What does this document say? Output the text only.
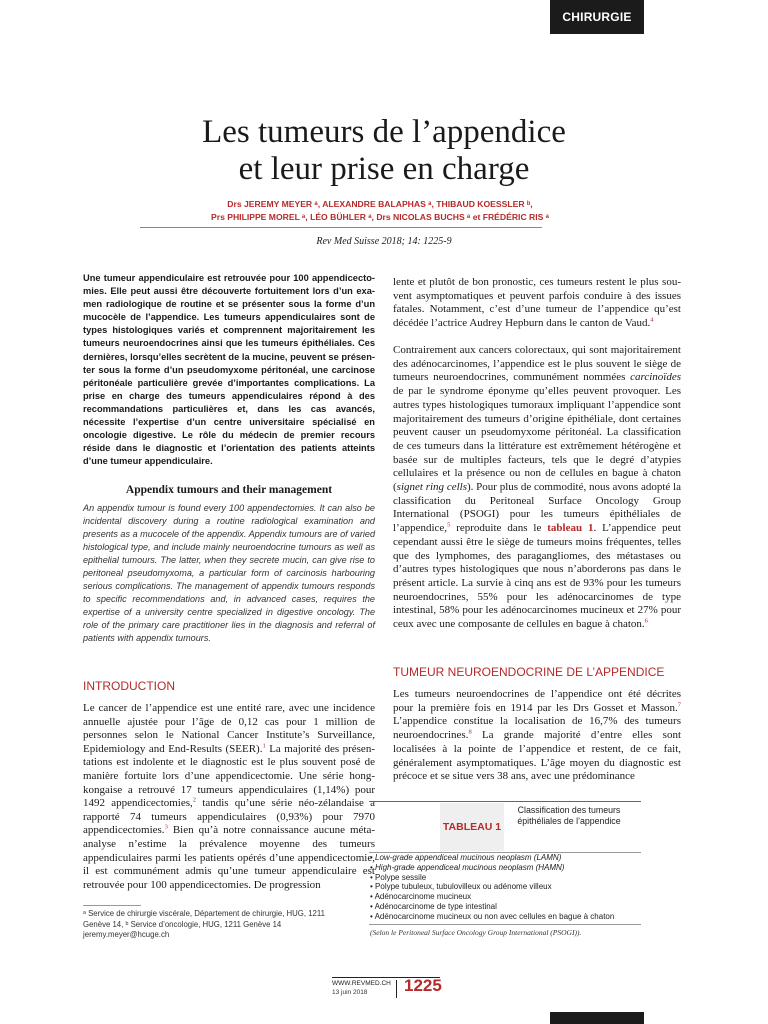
CHIRURGIE
Les tumeurs de l’appendice
et leur prise en charge
Drs JEREMY MEYER ᵃ, ALEXANDRE BALAPHAS ᵃ, THIBAUD KOESSLER ᵇ,
Prs PHILIPPE MOREL ᵃ, LÉO BÜHLER ᵃ, Drs NICOLAS BUCHS ᵃ et FRÉDÉRIC RIS ᵃ
Rev Med Suisse 2018; 14: 1225-9
Une tumeur appendiculaire est retrouvée pour 100 appendicectomies. Elle peut aussi être découverte fortuitement lors d’un examen radiologique de routine et se présenter sous la forme d’un mucocèle de l’appendice. Les tumeurs appendiculaires sont de types histologiques variés et comprennent majoritairement les tumeurs neuroendocrines ainsi que les tumeurs épithéliales. Ces dernières, lorsqu’elles secrètent de la mucine, peuvent se présenter sous la forme d’un pseudomyxome péritonéal, une carcinose péritonéale particulière grevée d’importantes complications. La prise en charge des tumeurs appendiculaires répond à des recommandations particulières et, dans les cas avancés, nécessite l’expertise d’un centre universitaire spécialisé en oncologie digestive. Le rôle du médecin de premier recours réside dans le diagnostic et l’orientation des patients atteints d’une tumeur appendiculaire.
Appendix tumours and their management
An appendix tumour is found every 100 appendectomies. It can also be incidental discovery during a routine radiological examination and presents as a mucocele of the appendix. Appendix tumours are of varied histological type, and include mainly neuroendocrine tumours as well as epithelial tumours. The latter, when they secrete mucin, can give rise to peritoneal pseudomyxoma, a particular form of carcinosis harbouring serious complications. The management of appendix tumours responds to specific recommendations and, in advanced cases, requires the expertise of a university centre specialized in digestive oncology. The role of the primary care practitioner lies in the diagnosis and referral of patients with appendix tumours.
INTRODUCTION
Le cancer de l’appendice est une entité rare, avec une incidence annuelle ajustée pour l’âge de 0,12 cas pour 1 million de personnes selon le National Cancer Institute’s Surveillance, Epidemiology and End-Results (SEER).$^1$ La majorité des présentations est indolente et le diagnostic est le plus souvent posé de manière fortuite lors d’une appendicectomie. Une série hongkongaise a retrouvé 17 tumeurs appendiculaires (1,14%) pour 1492 appendicectomies,$^2$ tandis qu’une série néo-zélandaise a rapporté 74 tumeurs appendiculaires (0,93%) pour 7970 appendicectomies.$^3$ Bien qu’à notre connaissance aucune méta-analyse n’estime la prévalence moyenne des tumeurs appendiculaires parmi les patients opérés d’une appendicectomie, il est communément admis qu’une tumeur appendiculaire est retrouvée pour 100 appendicectomies. De progression
ᵃ Service de chirurgie viscérale, Département de chirurgie, HUG, 1211
Genève 14, ᵇ Service d’oncologie, HUG, 1211 Genève 14
jeremy.meyer@hcuge.ch
lente et plutôt de bon pronostic, ces tumeurs restent le plus souvent asymptomatiques et peuvent parfois conduire à des issues fatales. Notamment, c’est d’une tumeur de l’appendice qu’est décédée l’actrice Audrey Hepburn dans le canton de Vaud.$^4$
Contrairement aux cancers colorectaux, qui sont majoritairement des adénocarcinomes, l’appendice est le plus souvent le siège de tumeurs neuroendocrines, communément nommées carcinoïdes de par le syndrome éponyme qu’elles peuvent provoquer. Les autres types histologiques tumoraux impliquant l’appendice sont majoritairement des tumeurs d’origine épithéliale, dont certaines peuvent causer un pseudomyxome péritonéal. La classification de ces tumeurs dans la littérature est extrêmement hétérogène et basée sur de multiples facteurs, tels que le degré d’atypies cellulaires et la présence ou non de cellules en bague à chaton (signet ring cells). Pour plus de commodité, nous avons adopté la classification du Peritoneal Surface Oncology Group International (PSOGI) pour les tumeurs épithéliales de l’appendice,$^5$ reproduite dans le tableau 1. L’appendice peut cependant aussi être le siège de tumeurs moins fréquentes, telles que des lymphomes, des paragangliomes, des métastases ou d’autres types histologiques que nous n’aborderons pas dans le présent article. La survie à cinq ans est de 93% pour les tumeurs neuroendocrines, 55% pour les adénocarcinomes de type intestinal, 58% pour les adénocarcinomes mucineux et 27% pour ceux avec une composante de cellules en bague à chaton.$^6$
TUMEUR NEUROENDOCRINE DE L’APPENDICE
Les tumeurs neuroendocrines de l’appendice ont été décrites pour la première fois en 1914 par les Drs Gosset et Masson.$^7$ L’appendice constitue la localisation de 16,7% des tumeurs neuroendocrines.$^8$ La grande majorité d’entre elles sont localisées à la pointe de l’appendice et restent, de ce fait, généralement asymptomatiques. L’âge moyen du diagnostic est précoce et se situe vers 38 ans, avec une prédominance
TABLEAU 1
Classification des tumeurs épithéliales de l’appendice
• Low-grade appendiceal mucinous neoplasm (LAMN)
• High-grade appendiceal mucinous neoplasm (HAMN)
• Polype sessile
• Polype tubuleux, tubulovilleux ou adénome villeux
• Adénocarcinome mucineux
• Adénocarcinome de type intestinal
• Adénocarcinome mucineux ou non avec cellules en bague à chaton
(Selon le Peritoneal Surface Oncology Group International (PSOGI)).
WWW.REVMED.CH
13 juin 2018 1225
